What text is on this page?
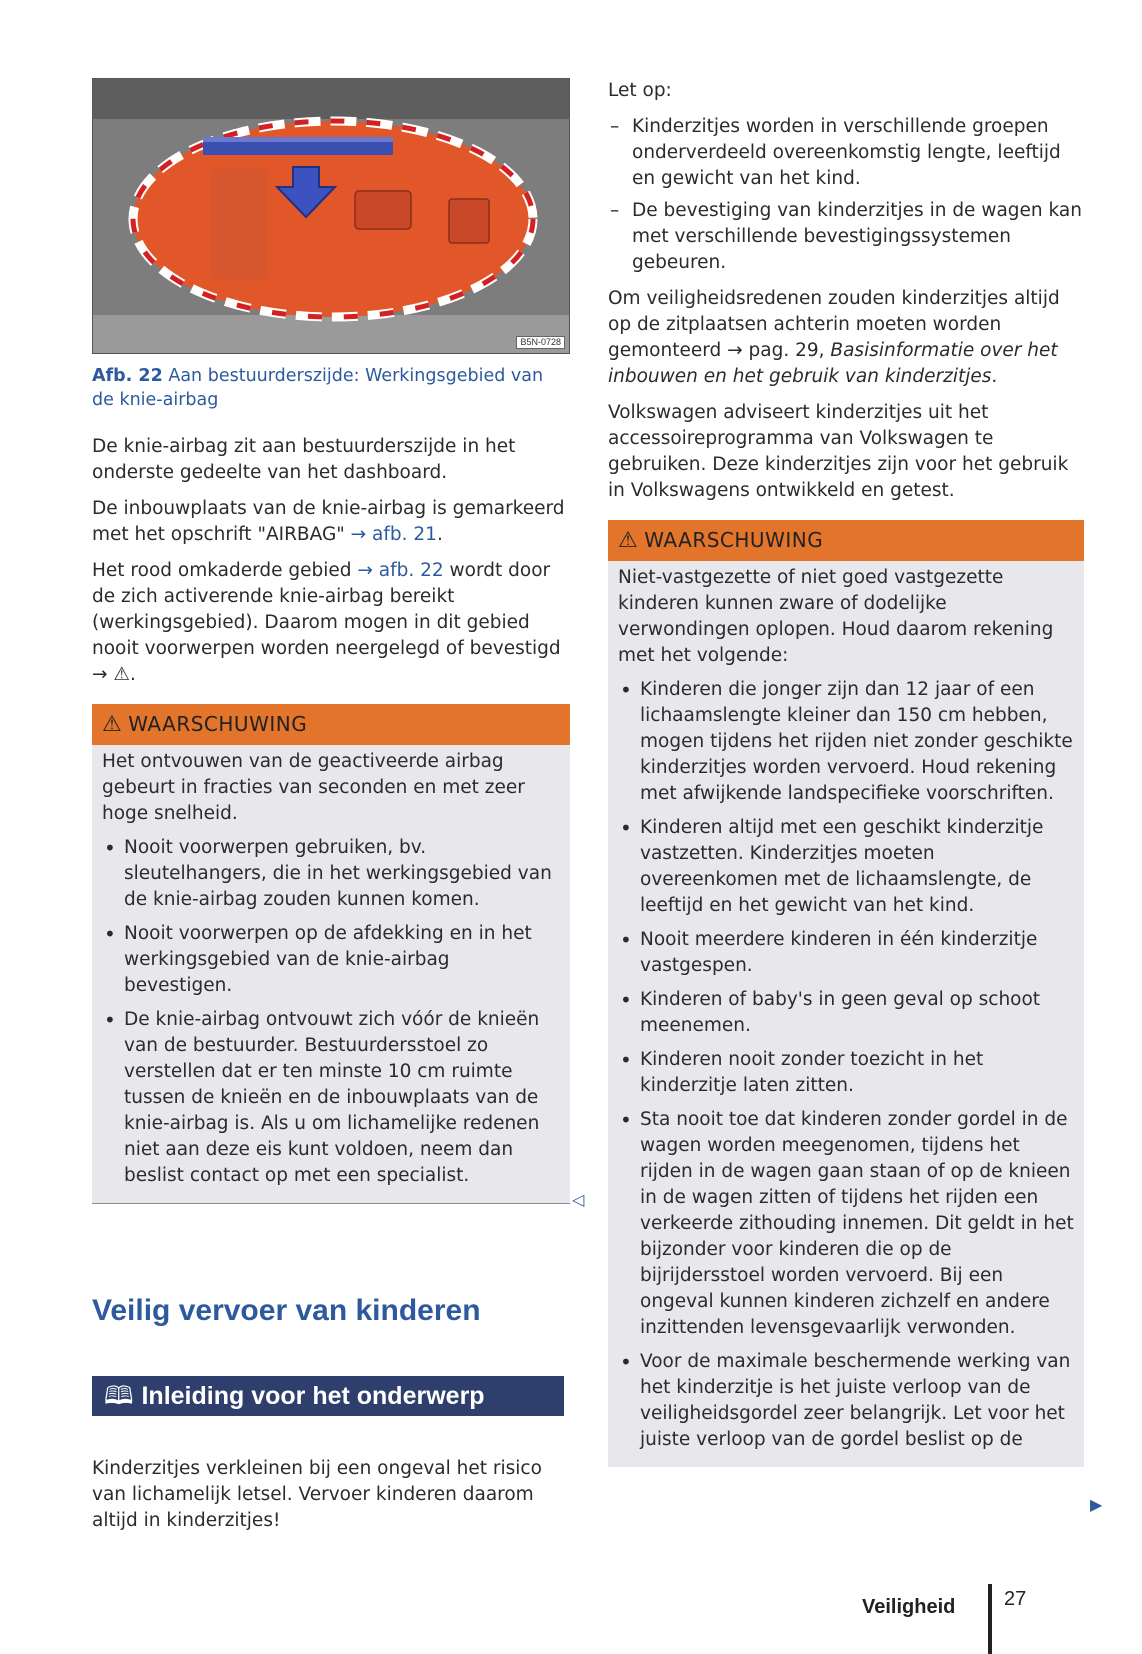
B5N-0728
Afb. 22 Aan bestuurderszijde: Werkingsgebied van de knie-airbag

De knie-airbag zit aan bestuurderszijde in het onderste gedeelte van het dashboard.

De inbouwplaats van de knie-airbag is gemarkeerd met het opschrift "AIRBAG" → afb. 21.

Het rood omkaderde gebied → afb. 22 wordt door de zich activerende knie-airbag bereikt (werkingsgebied). Daarom mogen in dit gebied nooit voorwerpen worden neergelegd of bevestigd → ⚠.

⚠ WAARSCHUWING

Het ontvouwen van de geactiveerde airbag gebeurt in fracties van seconden en met zeer hoge snelheid.

• Nooit voorwerpen gebruiken, bv. sleutelhangers, die in het werkingsgebied van de knie-airbag zouden kunnen komen.
• Nooit voorwerpen op de afdekking en in het werkingsgebied van de knie-airbag bevestigen.
• De knie-airbag ontvouwt zich vóór de knieën van de bestuurder. Bestuurdersstoel zo verstellen dat er ten minste 10 cm ruimte tussen de knieën en de inbouwplaats van de knie-airbag is. Als u om lichamelijke redenen niet aan deze eis kunt voldoen, neem dan beslist contact op met een specialist.
◁
Veilig vervoer van kinderen
🕮 Inleiding voor het onderwerp
Kinderzitjes verkleinen bij een ongeval het risico van lichamelijk letsel. Vervoer kinderen daarom altijd in kinderzitjes!

Let op:

– Kinderzitjes worden in verschillende groepen onderverdeeld overeenkomstig lengte, leeftijd en gewicht van het kind.
– De bevestiging van kinderzitjes in de wagen kan met verschillende bevestigingssystemen gebeuren.

Om veiligheidsredenen zouden kinderzitjes altijd op de zitplaatsen achterin moeten worden gemonteerd → pag. 29, Basisinformatie over het inbouwen en het gebruik van kinderzitjes.

Volkswagen adviseert kinderzitjes uit het accessoireprogramma van Volkswagen te gebruiken. Deze kinderzitjes zijn voor het gebruik in Volkswagens ontwikkeld en getest.

⚠ WAARSCHUWING

Niet-vastgezette of niet goed vastgezette kinderen kunnen zware of dodelijke verwondingen oplopen. Houd daarom rekening met het volgende:

• Kinderen die jonger zijn dan 12 jaar of een lichaamslengte kleiner dan 150 cm hebben, mogen tijdens het rijden niet zonder geschikte kinderzitjes worden vervoerd. Houd rekening met afwijkende landspecifieke voorschriften.
• Kinderen altijd met een geschikt kinderzitje vastzetten. Kinderzitjes moeten overeenkomen met de lichaamslengte, de leeftijd en het gewicht van het kind.
• Nooit meerdere kinderen in één kinderzitje vastgespen.
• Kinderen of baby's in geen geval op schoot meenemen.
• Kinderen nooit zonder toezicht in het kinderzitje laten zitten.
• Sta nooit toe dat kinderen zonder gordel in de wagen worden meegenomen, tijdens het rijden in de wagen gaan staan of op de knieen in de wagen zitten of tijdens het rijden een verkeerde zithouding innemen. Dit geldt in het bijzonder voor kinderen die op de bijrijdersstoel worden vervoerd. Bij een ongeval kunnen kinderen zichzelf en andere inzittenden levensgevaarlijk verwonden.
• Voor de maximale beschermende werking van het kinderzitje is het juiste verloop van de veiligheidsgordel zeer belangrijk. Let voor het juiste verloop van de gordel beslist op de
▶
Veiligheid 27
